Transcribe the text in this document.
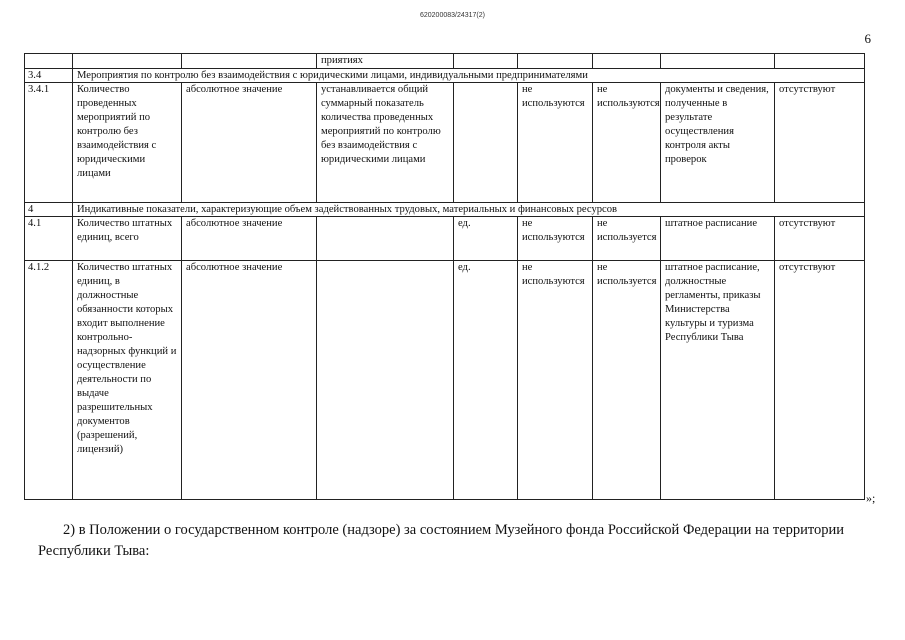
620200083/24317(2)
6
			приятиях					
3.4	Мероприятия по контролю без взаимодействия с юридическими лицами, индивидуальными предпринимателями							
3.4.1	Количество проведенных мероприятий по контролю без взаимодействия с юридическими лицами	абсолютное значение	устанавливается общий суммарный показатель количества проведенных мероприятий по контролю без взаимодействия с юридическими лицами		не используются	не используются	документы и сведения, полученные в результате осуществления контроля акты проверок	отсутствуют
4	Индикативные показатели, характеризующие объем задействованных трудовых, материальных и финансовых ресурсов							
4.1	Количество штатных единиц, всего	абсолютное значение		ед.	не используются	не используется	штатное расписание	отсутствуют
4.1.2	Количество штатных единиц, в должностные обязанности которых входит выполнение контрольно-надзорных функций и осуществление деятельности по выдаче разрешительных документов (разрешений, лицензий)	абсолютное значение		ед.	не используются	не используется	штатное расписание, должностные регламенты, приказы Министерства культуры и туризма Республики Тыва	отсутствуют
»;

2) в Положении о государственном контроле (надзоре) за состоянием Музейного фонда Российской Федерации на территории Республики Тыва:
